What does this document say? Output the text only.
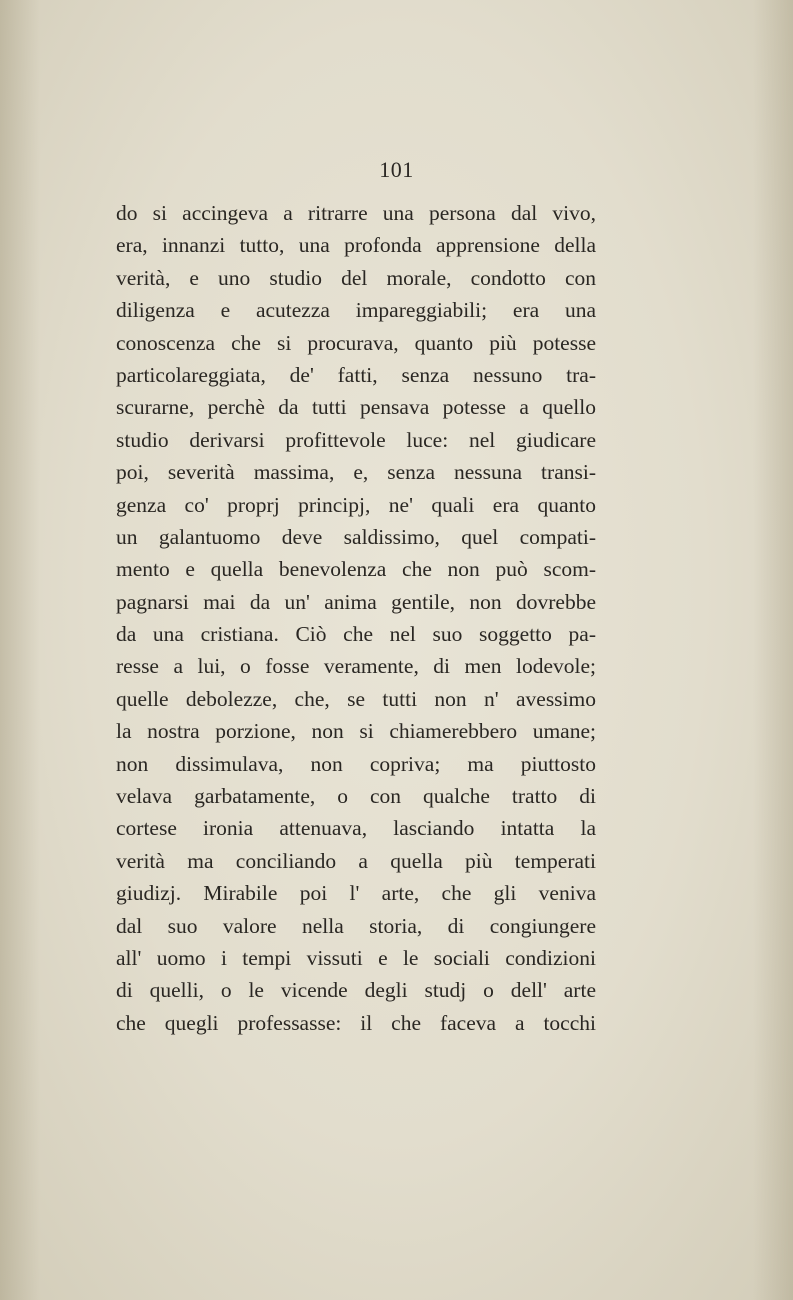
101
do si accingeva a ritrarre una persona dal vivo,
era, innanzi tutto, una profonda apprensione della
verità, e uno studio del morale, condotto con
diligenza e acutezza impareggiabili; era una
conoscenza che si procurava, quanto più potesse
particolareggiata, de' fatti, senza nessuno tra-
scurarne, perchè da tutti pensava potesse a quello
studio derivarsi profittevole luce: nel giudicare
poi, severità massima, e, senza nessuna transi-
genza co' proprj principj, ne' quali era quanto
un galantuomo deve saldissimo, quel compati-
mento e quella benevolenza che non può scom-
pagnarsi mai da un' anima gentile, non dovrebbe
da una cristiana. Ciò che nel suo soggetto pa-
resse a lui, o fosse veramente, di men lodevole;
quelle debolezze, che, se tutti non n' avessimo
la nostra porzione, non si chiamerebbero umane;
non dissimulava, non copriva; ma piuttosto
velava garbatamente, o con qualche tratto di
cortese ironia attenuava, lasciando intatta la
verità ma conciliando a quella più temperati
giudizj. Mirabile poi l' arte, che gli veniva
dal suo valore nella storia, di congiungere
all' uomo i tempi vissuti e le sociali condizioni
di quelli, o le vicende degli studj o dell' arte
che quegli professasse: il che faceva a tocchi
